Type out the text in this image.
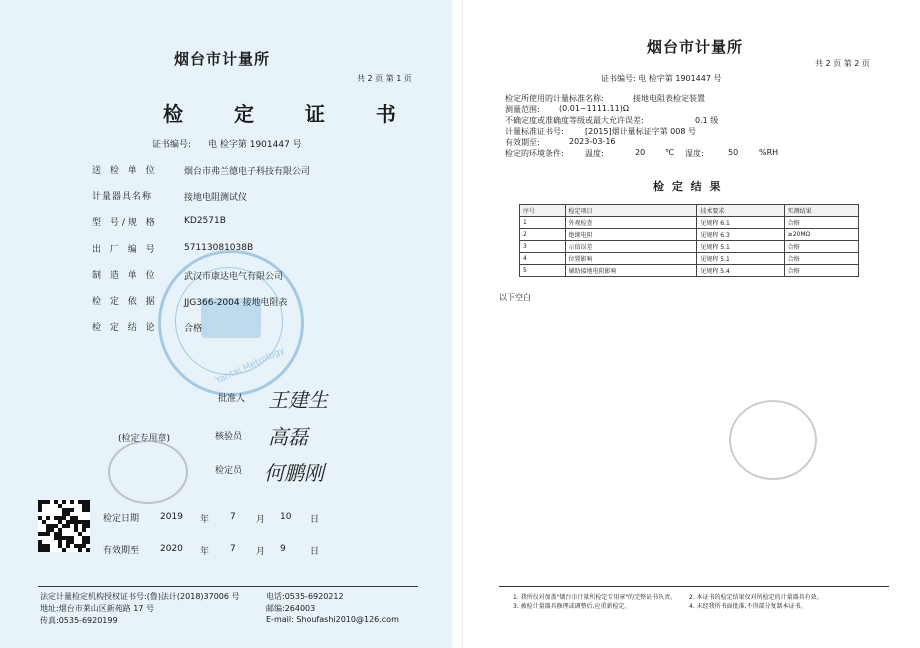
烟台市计量所
共 2 页 第 1 页
检 定 证 书
证书编号: 电 检字第 1901447 号
Yantai Metrology
送 检 单 位	烟台市弗兰德电子科技有限公司
计量器具名称	接地电阻测试仪
型 号/规 格	KD2571B
出 厂 编 号	57113081038B
制 造 单 位	武汉市康达电气有限公司
检 定 依 据	JJG366-2004 接地电阻表
检 定 结 论	合格
批准人 王建生
(检定专用章)	核验员 高磊
检定员 何鹏刚
检定日期 2019 年 7 月 10 日
有效期至 2020 年 7 月 9	日
法定计量检定机构授权证书号:(鲁)法计(2018)37006 号
地址:烟台市莱山区新苑路 17 号
传真:0535-6920199
电话:0535-6920212
邮编:264003
E-mail: Shoufashi2010@126.com
烟台市计量所
共 2 页 第 2 页
证书编号: 电 检字第 1901447 号
检定所使用的计量标准名称:	接地电阻表检定装置
测量范围: (0.01~1111.11)Ω
不确定度或准确度等级或最大允许误差:	0.1 级
计量标准证书号:	[2015]烟计量标证字第 008 号
有效期至:	2023-03-16
检定的环境条件:	温度:	20 ℃ 湿度:	50	%RH
检 定 结 果
序号	检定项目	技术要求	实测结果
1	外观检查	见规程 6.1	合格
2	绝缘电阻	见规程 6.3	≥20MΩ
3	示值误差	见规程 5.1	合格
4	位置影响	见规程 5.1	合格
5	辅助接地电阻影响	见规程 5.4	合格
以下空白
1. 我所仅对加盖"烟台市计量所检定专用章"的完整证书负责。
3. 被检计量器具修理或调整后,应重新检定。
2. 本证书的检定结果仅对所检定的计量器具有效。
4. 未经我所书面批准,不得部分复制本证书。
